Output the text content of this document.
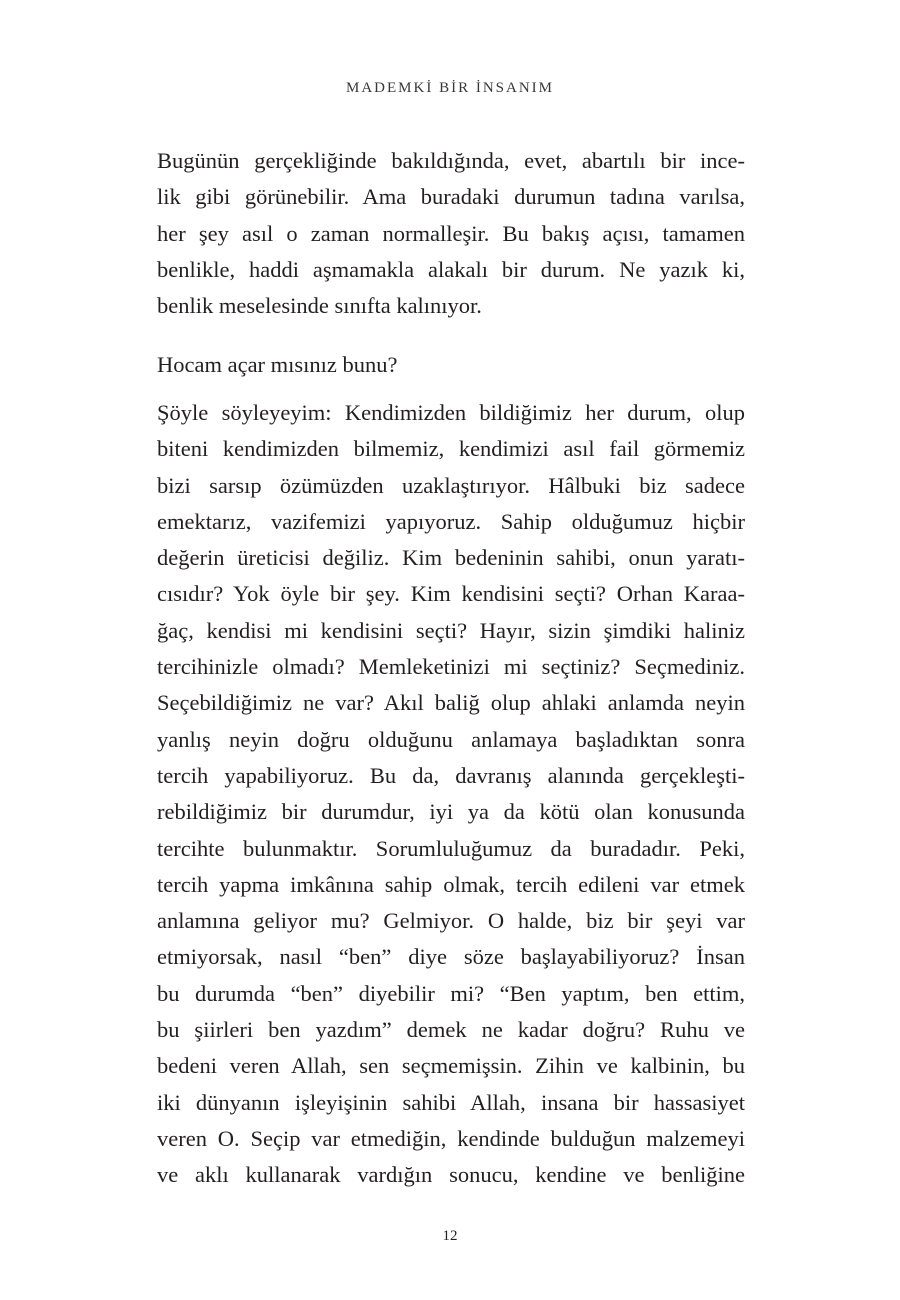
MADEMKİ BİR İNSANIM
Bugünün gerçekliğinde bakıldığında, evet, abartılı bir ince-
lik gibi görünebilir. Ama buradaki durumun tadına varılsa,
her şey asıl o zaman normalleşir. Bu bakış açısı, tamamen
benlikle, haddi aşmamakla alakalı bir durum. Ne yazık ki,
benlik meselesinde sınıfta kalınıyor.
Hocam açar mısınız bunu?
Şöyle söyleyeyim: Kendimizden bildiğimiz her durum, olup
biteni kendimizden bilmemiz, kendimizi asıl fail görmemiz
bizi sarsıp özümüzden uzaklaştırıyor. Hâlbuki biz sadece
emektarız, vazifemizi yapıyoruz. Sahip olduğumuz hiçbir
değerin üreticisi değiliz. Kim bedeninin sahibi, onun yaratı-
cısıdır? Yok öyle bir şey. Kim kendisini seçti? Orhan Karaa-
ğaç, kendisi mi kendisini seçti? Hayır, sizin şimdiki haliniz
tercihinizle olmadı? Memleketinizi mi seçtiniz? Seçmediniz.
Seçebildiğimiz ne var? Akıl baliğ olup ahlaki anlamda neyin
yanlış neyin doğru olduğunu anlamaya başladıktan sonra
tercih yapabiliyoruz. Bu da, davranış alanında gerçekleşti-
rebildiğimiz bir durumdur, iyi ya da kötü olan konusunda
tercihte bulunmaktır. Sorumluluğumuz da buradadır. Peki,
tercih yapma imkânına sahip olmak, tercih edileni var etmek
anlamına geliyor mu? Gelmiyor. O halde, biz bir şeyi var
etmiyorsak, nasıl “ben” diye söze başlayabiliyoruz? İnsan
bu durumda “ben” diyebilir mi? “Ben yaptım, ben ettim,
bu şiirleri ben yazdım” demek ne kadar doğru? Ruhu ve
bedeni veren Allah, sen seçmemişsin. Zihin ve kalbinin, bu
iki dünyanın işleyişinin sahibi Allah, insana bir hassasiyet
veren O. Seçip var etmediğin, kendinde bulduğun malzemeyi
ve aklı kullanarak vardığın sonucu, kendine ve benliğine
12
